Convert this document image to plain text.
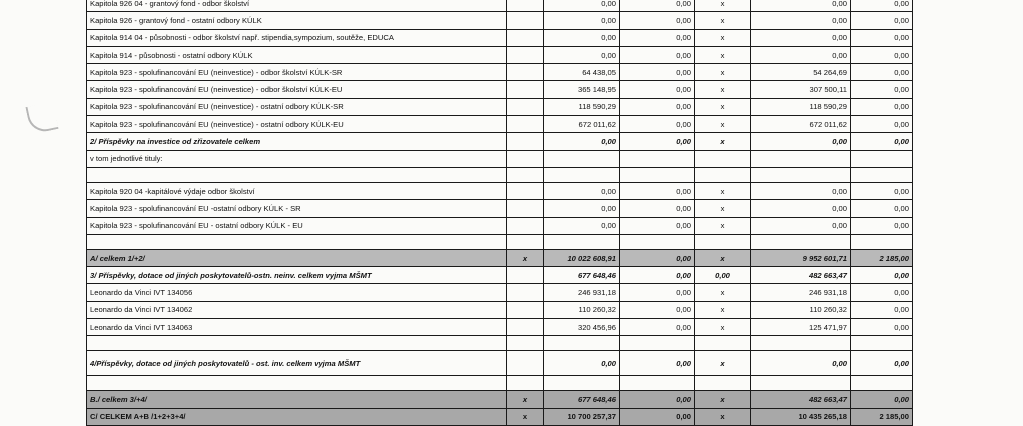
Kapitola 926 04 - grantový fond - odbor školství		0,00	0,00	x	0,00	0,00
Kapitola 926 - grantový fond - ostatní odbory KÚLK		0,00	0,00	x	0,00	0,00
Kapitola 914 04 - působnosti - odbor školství např. stipendia,sympozium, soutěže, EDUCA		0,00	0,00	x	0,00	0,00
Kapitola 914 - působnosti - ostatní odbory KÚLK		0,00	0,00	x	0,00	0,00
Kapitola 923 - spolufinancování EU (neinvestice) - odbor školství KÚLK-SR		64 438,05	0,00	x	54 264,69	0,00
Kapitola 923 - spolufinancování EU (neinvestice) - odbor školství KÚLK-EU		365 148,95	0,00	x	307 500,11	0,00
Kapitola 923 - spolufinancování EU (neinvestice) - ostatní odbory KÚLK-SR		118 590,29	0,00	x	118 590,29	0,00
Kapitola 923 - spolufinancování EU (neinvestice) - ostatní odbory KÚLK-EU		672 011,62	0,00	x	672 011,62	0,00
2/ Příspěvky na investice od zřizovatele celkem		0,00	0,00	x	0,00	0,00
v tom jednotlivé tituly:						

Kapitola 920 04 -kapitálové výdaje odbor školství		0,00	0,00	x	0,00	0,00
Kapitola 923 - spolufinancování EU -ostatní odbory KÚLK - SR		0,00	0,00	x	0,00	0,00
Kapitola 923 - spolufinancování EU - ostatní odbory KÚLK - EU		0,00	0,00	x	0,00	0,00

A/ celkem 1/+2/	x	10 022 608,91	0,00	x	9 952 601,71	2 185,00
3/ Příspěvky, dotace od jiných poskytovatelů-ostn. neinv. celkem vyjma MŠMT		677 648,46	0,00	0,00	482 663,47	0,00
Leonardo da Vinci IVT 134056		246 931,18	0,00	x	246 931,18	0,00
Leonardo da Vinci IVT 134062		110 260,32	0,00	x	110 260,32	0,00
Leonardo da Vinci IVT 134063		320 456,96	0,00	x	125 471,97	0,00

4/Příspěvky, dotace od jiných poskytovatelů - ost. inv. celkem vyjma MŠMT		0,00	0,00	x	0,00	0,00

B./ celkem 3/+4/	x	677 648,46	0,00	x	482 663,47	0,00
C/ CELKEM A+B /1+2+3+4/	x	10 700 257,37	0,00	x	10 435 265,18	2 185,00
